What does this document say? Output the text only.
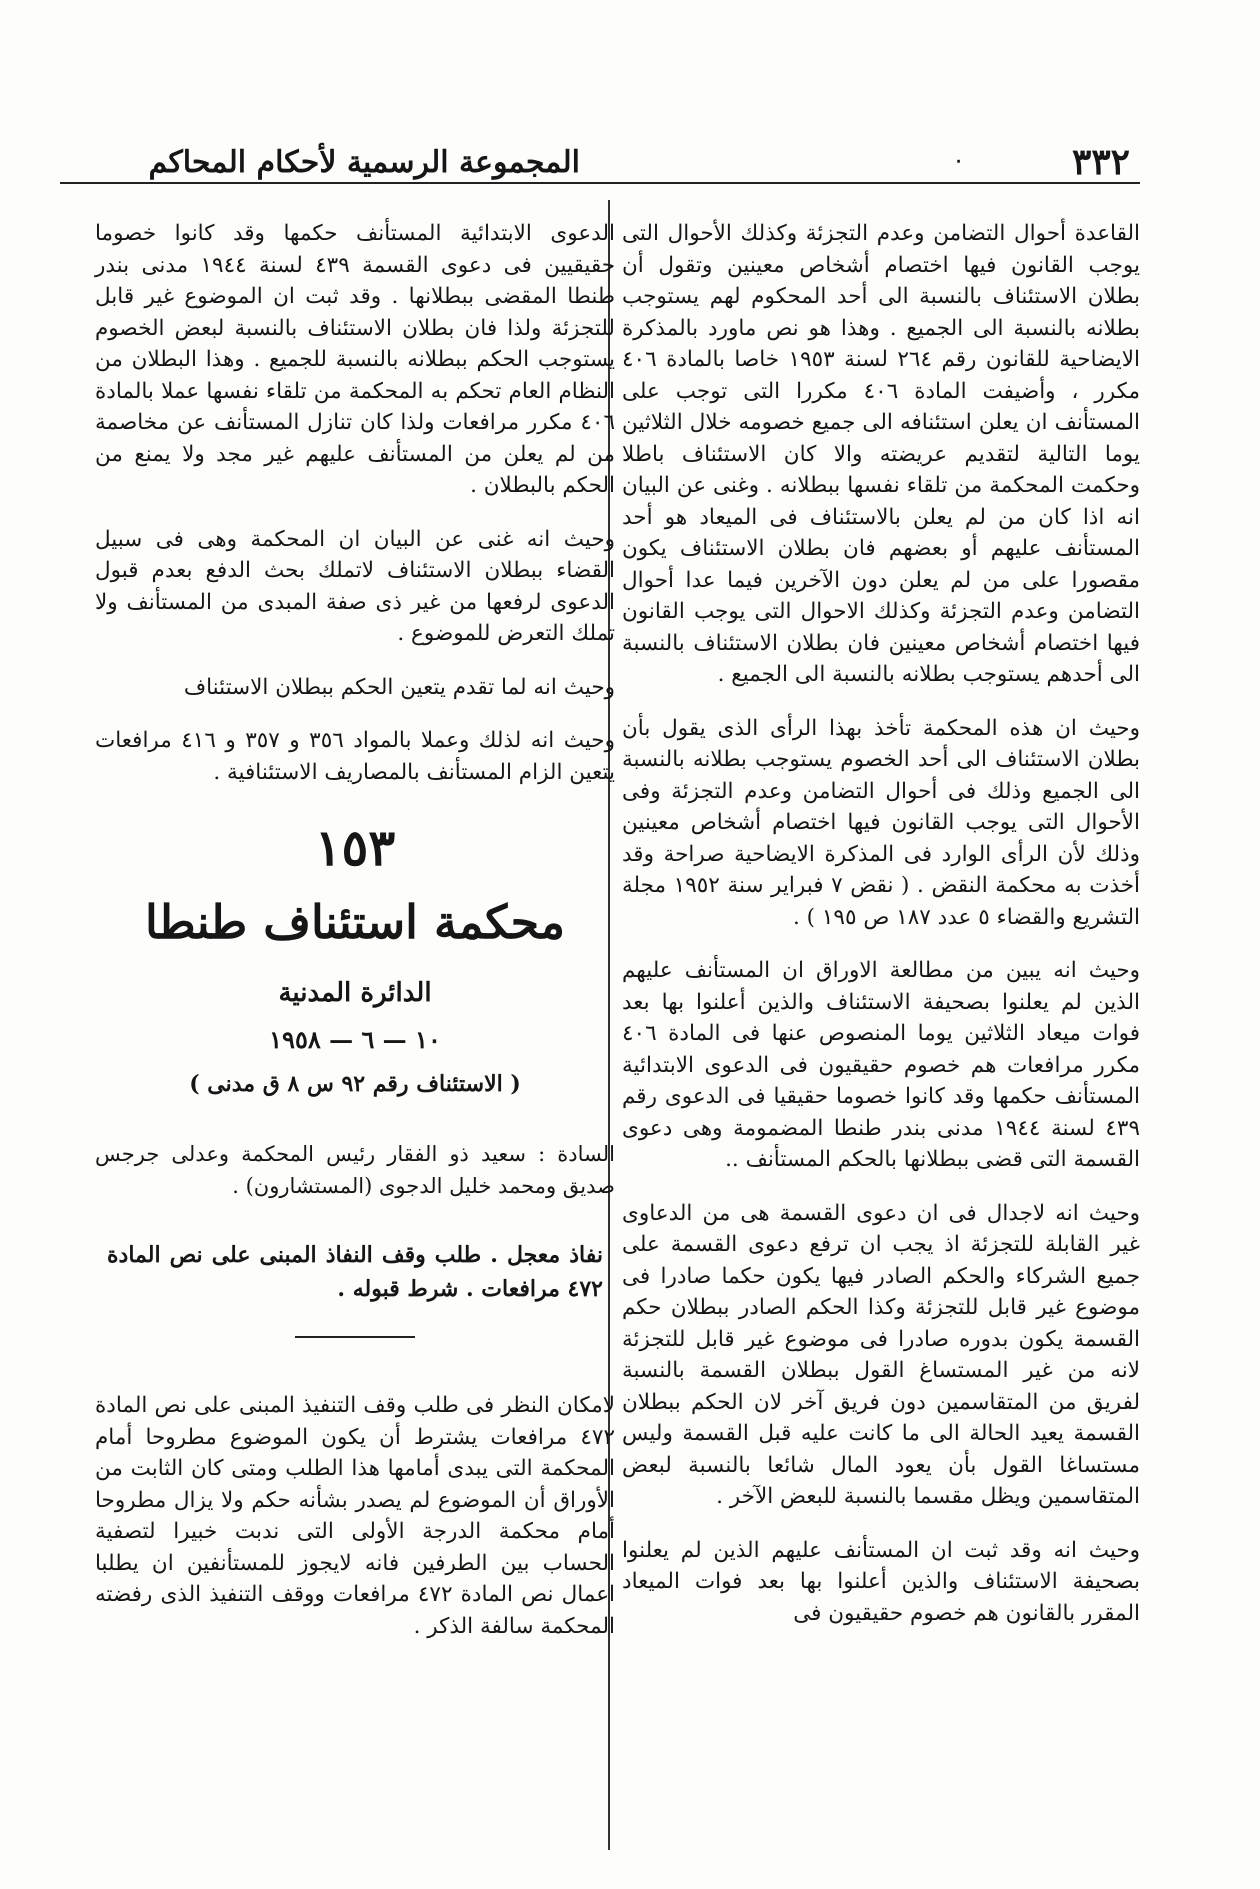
٣٣٢
٠
المجموعة الرسمية لأحكام المحاكم

القاعدة أحوال التضامن وعدم التجزئة وكذلك الأحوال التى يوجب القانون فيها اختصام أشخاص معينين وتقول أن بطلان الاستئناف بالنسبة الى أحد المحكوم لهم يستوجب بطلانه بالنسبة الى الجميع . وهذا هو نص ماورد بالمذكرة الايضاحية للقانون رقم ٢٦٤ لسنة ١٩٥٣ خاصا بالمادة ٤٠٦ مكرر ، وأضيفت المادة ٤٠٦ مكررا التى توجب على المستأنف ان يعلن استئنافه الى جميع خصومه خلال الثلاثين يوما التالية لتقديم عريضته والا كان الاستئناف باطلا وحكمت المحكمة من تلقاء نفسها ببطلانه . وغنى عن البيان انه اذا كان من لم يعلن بالاستئناف فى الميعاد هو أحد المستأنف عليهم أو بعضهم فان بطلان الاستئناف يكون مقصورا على من لم يعلن دون الآخرين فيما عدا أحوال التضامن وعدم التجزئة وكذلك الاحوال التى يوجب القانون فيها اختصام أشخاص معينين فان بطلان الاستئناف بالنسبة الى أحدهم يستوجب بطلانه بالنسبة الى الجميع .

وحيث ان هذه المحكمة تأخذ بهذا الرأى الذى يقول بأن بطلان الاستئناف الى أحد الخصوم يستوجب بطلانه بالنسبة الى الجميع وذلك فى أحوال التضامن وعدم التجزئة وفى الأحوال التى يوجب القانون فيها اختصام أشخاص معينين وذلك لأن الرأى الوارد فى المذكرة الايضاحية صراحة وقد أخذت به محكمة النقض . ( نقض ٧ فبراير سنة ١٩٥٢ مجلة التشريع والقضاء ٥ عدد ١٨٧ ص ١٩٥ ) .

وحيث انه يبين من مطالعة الاوراق ان المستأنف عليهم الذين لم يعلنوا بصحيفة الاستئناف والذين أعلنوا بها بعد فوات ميعاد الثلاثين يوما المنصوص عنها فى المادة ٤٠٦ مكرر مرافعات هم خصوم حقيقيون فى الدعوى الابتدائية المستأنف حكمها وقد كانوا خصوما حقيقيا فى الدعوى رقم ٤٣٩ لسنة ١٩٤٤ مدنى بندر طنطا المضمومة وهى دعوى القسمة التى قضى ببطلانها بالحكم المستأنف ..

وحيث انه لاجدال فى ان دعوى القسمة هى من الدعاوى غير القابلة للتجزئة اذ يجب ان ترفع دعوى القسمة على جميع الشركاء والحكم الصادر فيها يكون حكما صادرا فى موضوع غير قابل للتجزئة وكذا الحكم الصادر ببطلان حكم القسمة يكون بدوره صادرا فى موضوع غير قابل للتجزئة لانه من غير المستساغ القول ببطلان القسمة بالنسبة لفريق من المتقاسمين دون فريق آخر لان الحكم ببطلان القسمة يعيد الحالة الى ما كانت عليه قبل القسمة وليس مستساغا القول بأن يعود المال شائعا بالنسبة لبعض المتقاسمين ويظل مقسما بالنسبة للبعض الآخر .

وحيث انه وقد ثبت ان المستأنف عليهم الذين لم يعلنوا بصحيفة الاستئناف والذين أعلنوا بها بعد فوات الميعاد المقرر بالقانون هم خصوم حقيقيون فى

الدعوى الابتدائية المستأنف حكمها وقد كانوا خصوما حقيقيين فى دعوى القسمة ٤٣٩ لسنة ١٩٤٤ مدنى بندر طنطا المقضى ببطلانها . وقد ثبت ان الموضوع غير قابل للتجزئة ولذا فان بطلان الاستئناف بالنسبة لبعض الخصوم يستوجب الحكم ببطلانه بالنسبة للجميع . وهذا البطلان من النظام العام تحكم به المحكمة من تلقاء نفسها عملا بالمادة ٤٠٦ مكرر مرافعات ولذا كان تنازل المستأنف عن مخاصمة من لم يعلن من المستأنف عليهم غير مجد ولا يمنع من الحكم بالبطلان .

وحيث انه غنى عن البيان ان المحكمة وهى فى سبيل القضاء ببطلان الاستئناف لاتملك بحث الدفع بعدم قبول الدعوى لرفعها من غير ذى صفة المبدى من المستأنف ولا تملك التعرض للموضوع .

وحيث انه لما تقدم يتعين الحكم ببطلان الاستئناف

وحيث انه لذلك وعملا بالمواد ٣٥٦ و ٣٥٧ و ٤١٦ مرافعات يتعين الزام المستأنف بالمصاريف الاستئنافية .

١٥٣
محكمة استئناف طنطا
الدائرة المدنية
١٠ — ٦ — ١٩٥٨
( الاستئناف رقم ٩٢ س ٨ ق مدنى )

السادة : سعيد ذو الفقار رئيس المحكمة وعدلى جرجس صديق ومحمد خليل الدجوى (المستشارون) .

نفاذ معجل . طلب وقف النفاذ المبنى على نص المادة ٤٧٢ مرافعات . شرط قبوله .

لامكان النظر فى طلب وقف التنفيذ المبنى على نص المادة ٤٧٢ مرافعات يشترط أن يكون الموضوع مطروحا أمام المحكمة التى يبدى أمامها هذا الطلب ومتى كان الثابت من الأوراق أن الموضوع لم يصدر بشأنه حكم ولا يزال مطروحا أمام محكمة الدرجة الأولى التى ندبت خبيرا لتصفية الحساب بين الطرفين فانه لايجوز للمستأنفين ان يطلبا اعمال نص المادة ٤٧٢ مرافعات ووقف التنفيذ الذى رفضته المحكمة سالفة الذكر .
